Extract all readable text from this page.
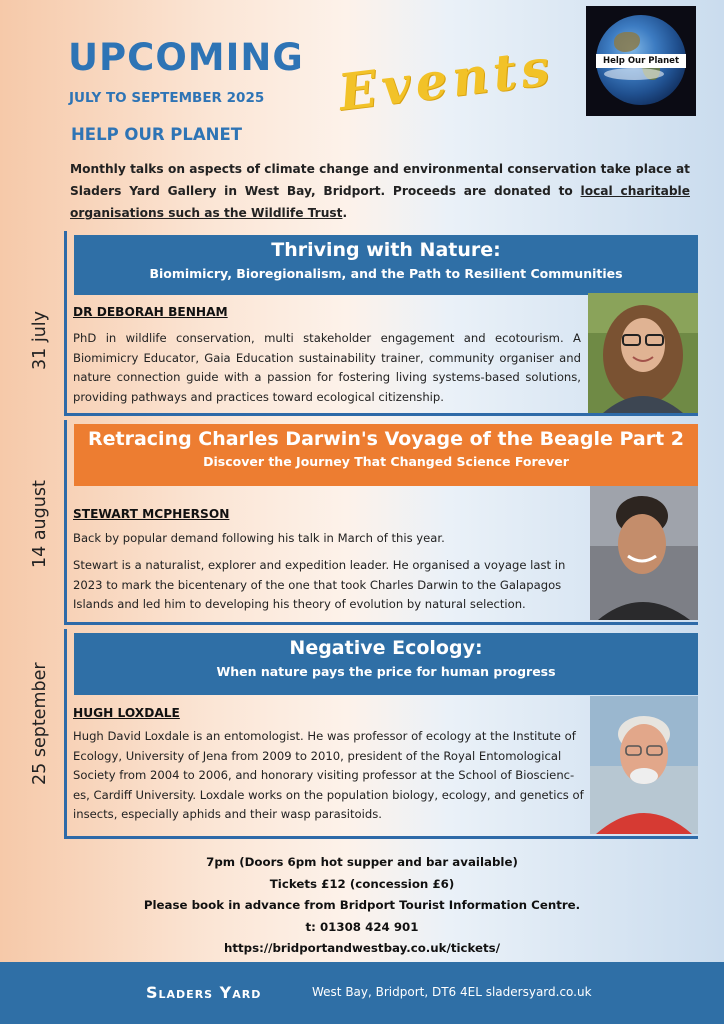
UPCOMING
JULY TO SEPTEMBER 2025 Events	Help Our Planet
HELP OUR PLANET
Monthly talks on aspects of climate change and environmental conservation take place at Sladers Yard Gallery in West Bay, Bridport. Proceeds are donated to local charitable organisations such as the Wildlife Trust.
31 july
Thriving with Nature:
Biomimicry, Bioregionalism, and the Path to Resilient Communities
DR DEBORAH BENHAM
PhD in wildlife conservation, multi stakeholder engagement and ecotourism. A Biomimicry Educator, Gaia Education sustainability trainer, community organiser and nature connection guide with a passion for fostering living systems-based solutions, providing pathways and practices toward ecological citizenship.
14 august
Retracing Charles Darwin's Voyage of the Beagle Part 2
Discover the Journey That Changed Science Forever
STEWART MCPHERSON
Back by popular demand following his talk in March of this year.
Stewart is a naturalist, explorer and expedition leader. He organised a voyage last in 2023 to mark the bicentenary of the one that took Charles Darwin to the Galapagos Islands and led him to developing his theory of evolution by natural selection.
25 september
Negative Ecology:
When nature pays the price for human progress
HUGH LOXDALE
Hugh David Loxdale is an entomologist. He was professor of ecology at the Institute of Ecology, University of Jena from 2009 to 2010, president of the Royal Entomological Society from 2004 to 2006, and honorary visiting professor at the School of Bioscienc-es, Cardiff University. Loxdale works on the population biology, ecology, and genetics of insects, especially aphids and their wasp parasitoids.
7pm (Doors 6pm hot supper and bar available)
Tickets £12 (concession £6)
Please book in advance from Bridport Tourist Information Centre.
t: 01308 424 901
https://bridportandwestbay.co.uk/tickets/
Sladers Yard	West Bay, Bridport, DT6 4EL sladersyard.co.uk
